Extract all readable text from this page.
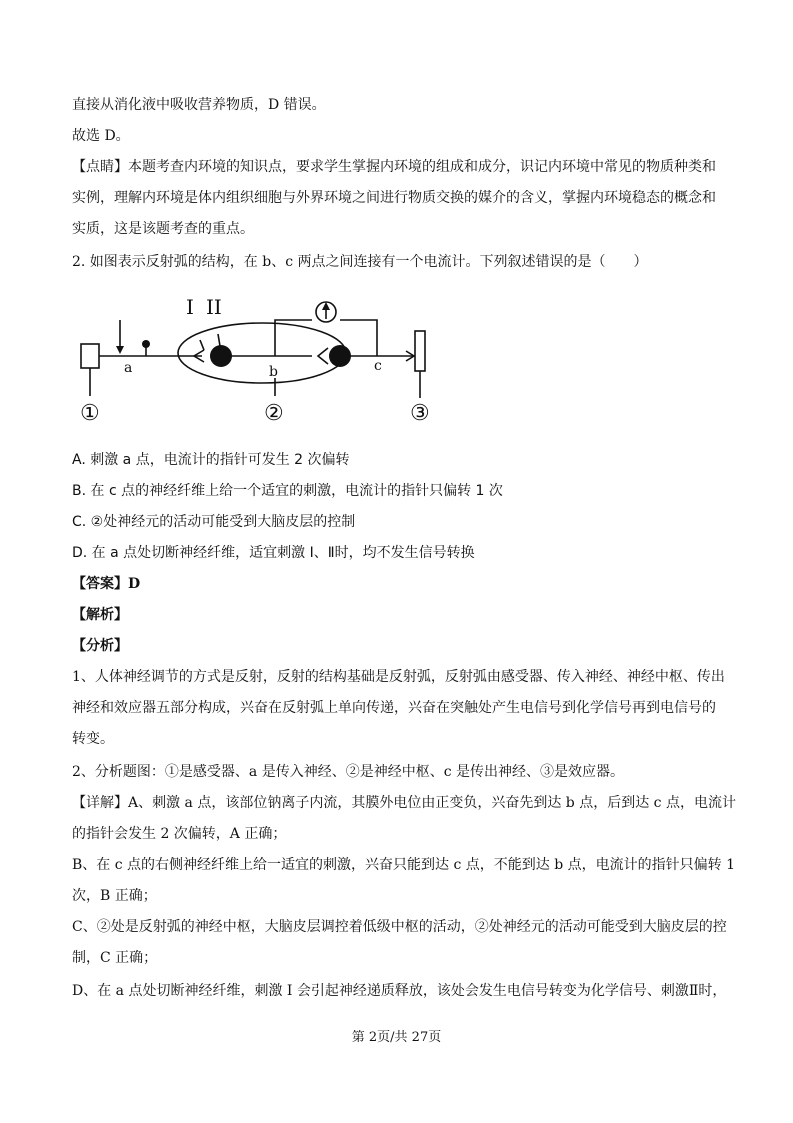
直接从消化液中吸收营养物质，D 错误。
故选 D。
【点睛】本题考查内环境的知识点，要求学生掌握内环境的组成和成分，识记内环境中常见的物质种类和
实例，理解内环境是体内组织细胞与外界环境之间进行物质交换的媒介的含义，掌握内环境稳态的概念和
实质，这是该题考查的重点。
2. 如图表示反射弧的结构，在 b、c 两点之间连接有一个电流计。下列叙述错误的是（　　）
a	b	c
I II
①	②	③
A. 刺激 a 点，电流计的指针可发生 2 次偏转
B. 在 c 点的神经纤维上给一个适宜的刺激，电流计的指针只偏转 1 次
C. ②处神经元的活动可能受到大脑皮层的控制
D. 在 a 点处切断神经纤维，适宜刺激 Ⅰ、Ⅱ时，均不发生信号转换
【答案】D
【解析】
【分析】
1、人体神经调节的方式是反射，反射的结构基础是反射弧，反射弧由感受器、传入神经、神经中枢、传出
神经和效应器五部分构成，兴奋在反射弧上单向传递，兴奋在突触处产生电信号到化学信号再到电信号的
转变。
2、分析题图：①是感受器、a 是传入神经、②是神经中枢、c 是传出神经、③是效应器。
【详解】A、刺激 a 点，该部位钠离子内流，其膜外电位由正变负，兴奋先到达 b 点，后到达 c 点，电流计
的指针会发生 2 次偏转，A 正确；
B、在 c 点的右侧神经纤维上给一适宜的刺激，兴奋只能到达 c 点，不能到达 b 点，电流计的指针只偏转 1
次，B 正确；
C、②处是反射弧的神经中枢，大脑皮层调控着低级中枢的活动，②处神经元的活动可能受到大脑皮层的控
制，C 正确；
D、在 a 点处切断神经纤维，刺激 I 会引起神经递质释放，该处会发生电信号转变为化学信号、刺激Ⅱ时，
第 2页/共 27页
